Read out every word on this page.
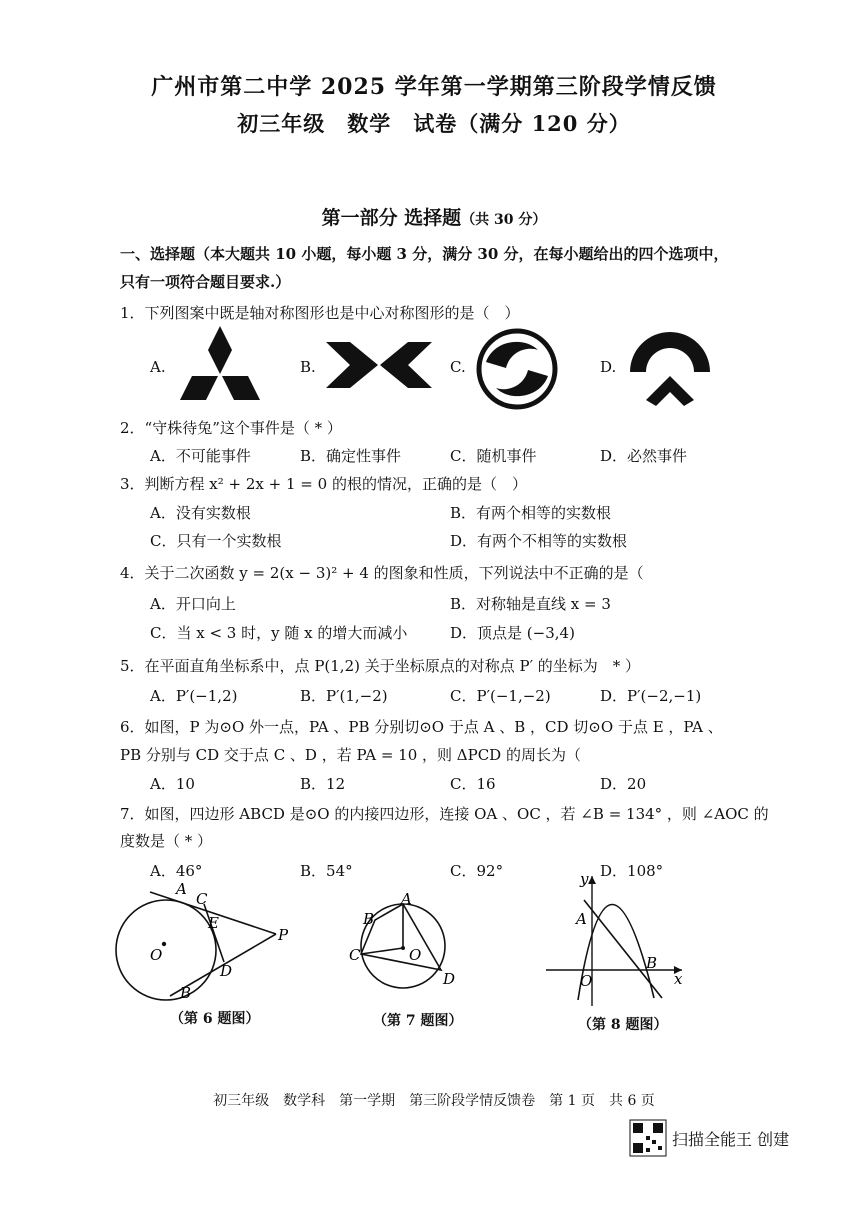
广州市第二中学 2025 学年第一学期第三阶段学情反馈
初三年级　数学　试卷（满分 120 分）
第一部分 选择题（共 30 分）
一、选择题（本大题共 10 小题，每小题 3 分，满分 30 分，在每小题给出的四个选项中，
只有一项符合题目要求.）
1．下列图案中既是轴对称图形也是中心对称图形的是（　）
A.	B.	C.	D.
2．“守株待兔”这个事件是（ * ）
A．不可能事件	B．确定性事件	C．随机事件	D．必然事件
3．判断方程 x² + 2x + 1 = 0 的根的情况，正确的是（　）
A．没有实数根	B．有两个相等的实数根
C．只有一个实数根	D．有两个不相等的实数根
4．关于二次函数 y = 2(x − 3)² + 4 的图象和性质，下列说法中不正确的是（
A．开口向上	B．对称轴是直线 x = 3
C．当 x < 3 时，y 随 x 的增大而减小	D．顶点是 (−3,4)
5．在平面直角坐标系中，点 P(1,2) 关于坐标原点的对称点 P′ 的坐标为　* ）
A．P′(−1,2)	B．P′(1,−2)	C．P′(−1,−2)	D．P′(−2,−1)
6．如图，P 为⊙O 外一点，PA 、PB 分别切⊙O 于点 A 、B ，CD 切⊙O 于点 E ，PA 、
PB 分别与 CD 交于点 C 、D ，若 PA = 10 ，则 ΔPCD 的周长为（
A．10	B．12	C．16	D．20
7．如图，四边形 ABCD 是⊙O 的内接四边形，连接 OA 、OC ，若 ∠B = 134° ，则 ∠AOC 的
度数是（ * ）
A．46°	B．54°	C．92°	D．108°
A
C
E
P
O
D
B
（第 6 题图）
A
B
C	O
D
（第 7 题图）
y
A
O
B
x
（第 8 题图）
初三年级　数学科　第一学期　第三阶段学情反馈卷　第 1 页　共 6 页
扫描全能王 创建
